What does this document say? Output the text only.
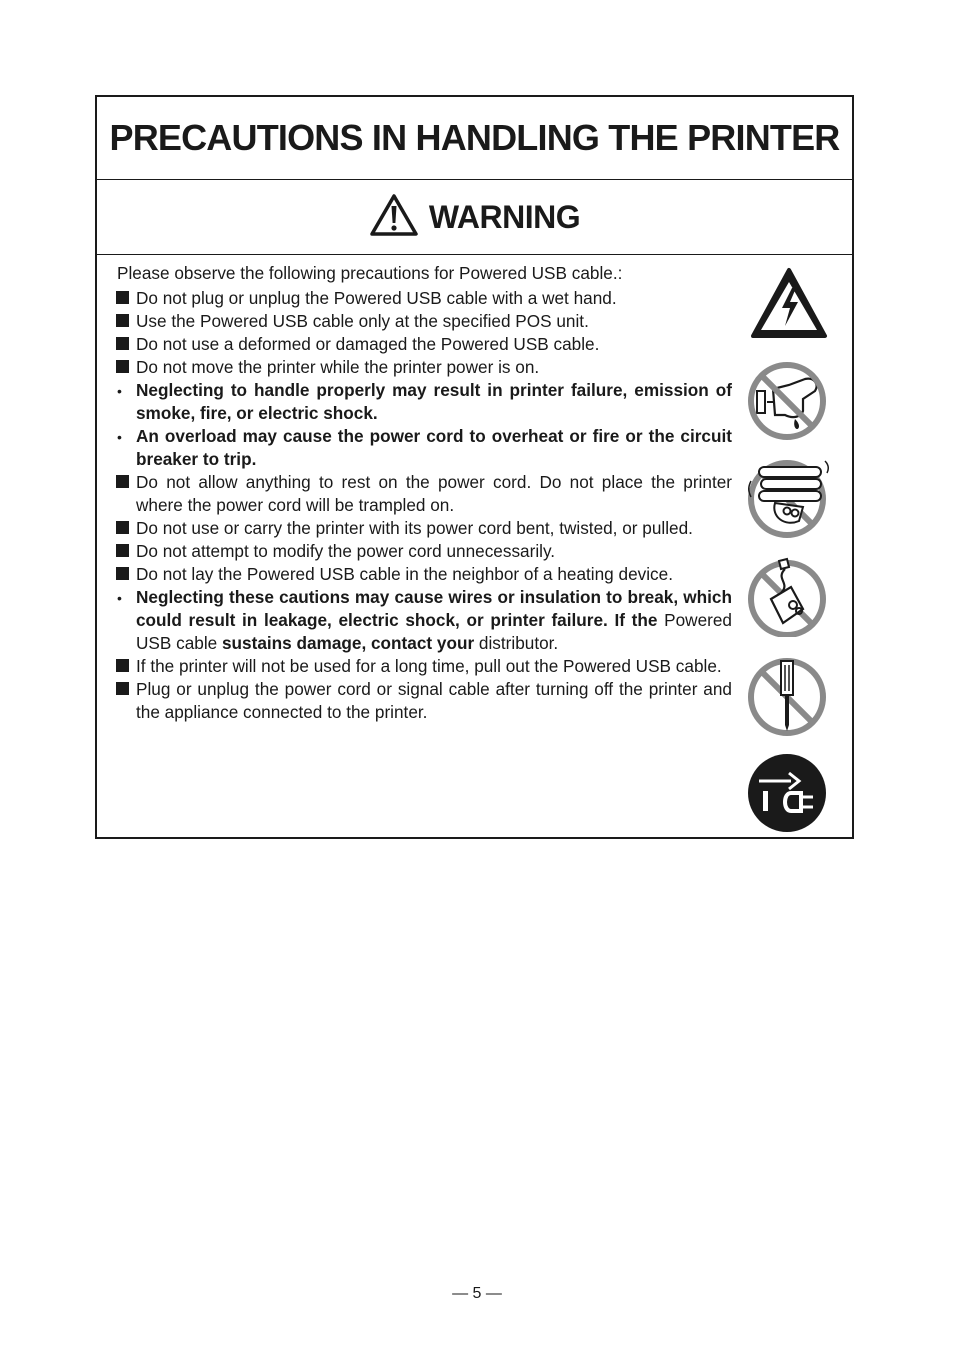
PRECAUTIONS IN HANDLING THE PRINTER
WARNING

Please observe the following precautions for Powered USB cable.:

Do not plug or unplug the Powered USB cable with a wet hand.

Use the Powered USB cable only at the specified POS unit.

Do not use a deformed or damaged the Powered USB cable.

Do not move the printer while the printer power is on.

• Neglecting to handle properly may result in printer failure, emission of smoke, fire, or electric shock.

• An overload may cause the power cord to overheat or fire or the circuit breaker to trip.

Do not allow anything to rest on the power cord. Do not place the printer where the power cord will be trampled on.

Do not use or carry the printer with its power cord bent, twisted, or pulled.

Do not attempt to modify the power cord unnecessarily.

Do not lay the Powered USB cable in the neighbor of a heating device.

• Neglecting these cautions may cause wires or insulation to break, which could result in leakage, electric shock, or printer failure. If the Powered USB cable sustains damage, contact your distributor.

If the printer will not be used for a long time, pull out the Powered USB cable.

Plug or unplug the power cord or signal cable after turning off the printer and the appliance connected to the printer.

— 5 —
